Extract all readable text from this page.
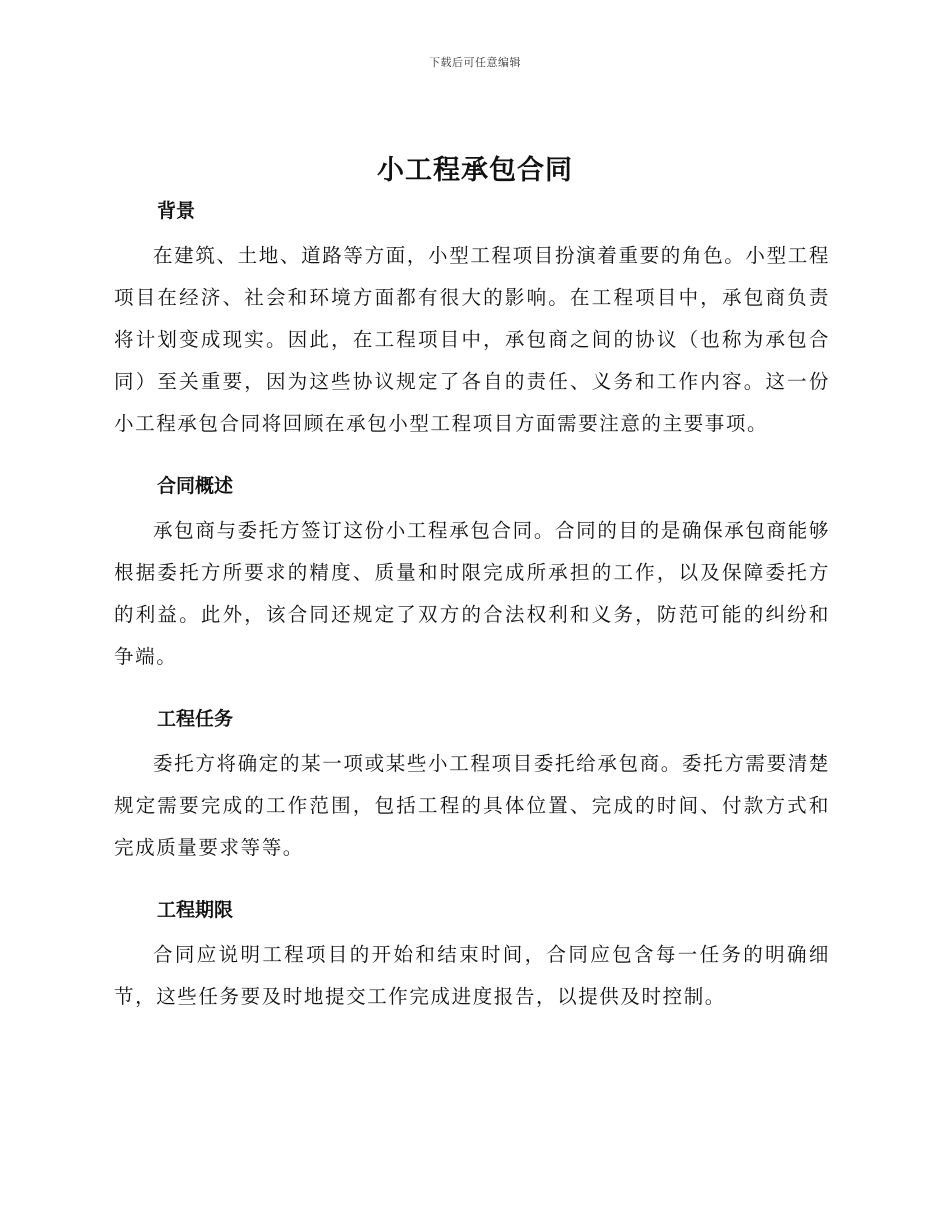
下载后可任意编辑
小工程承包合同
背景

在建筑、土地、道路等方面，小型工程项目扮演着重要的角色。小型工程项目在经济、社会和环境方面都有很大的影响。在工程项目中，承包商负责将计划变成现实。因此，在工程项目中，承包商之间的协议（也称为承包合同）至关重要，因为这些协议规定了各自的责任、义务和工作内容。这一份小工程承包合同将回顾在承包小型工程项目方面需要注意的主要事项。

合同概述

承包商与委托方签订这份小工程承包合同。合同的目的是确保承包商能够根据委托方所要求的精度、质量和时限完成所承担的工作，以及保障委托方的利益。此外，该合同还规定了双方的合法权利和义务，防范可能的纠纷和争端。

工程任务

委托方将确定的某一项或某些小工程项目委托给承包商。委托方需要清楚规定需要完成的工作范围，包括工程的具体位置、完成的时间、付款方式和完成质量要求等等。

工程期限

合同应说明工程项目的开始和结束时间，合同应包含每一任务的明确细节，这些任务要及时地提交工作完成进度报告，以提供及时控制。
